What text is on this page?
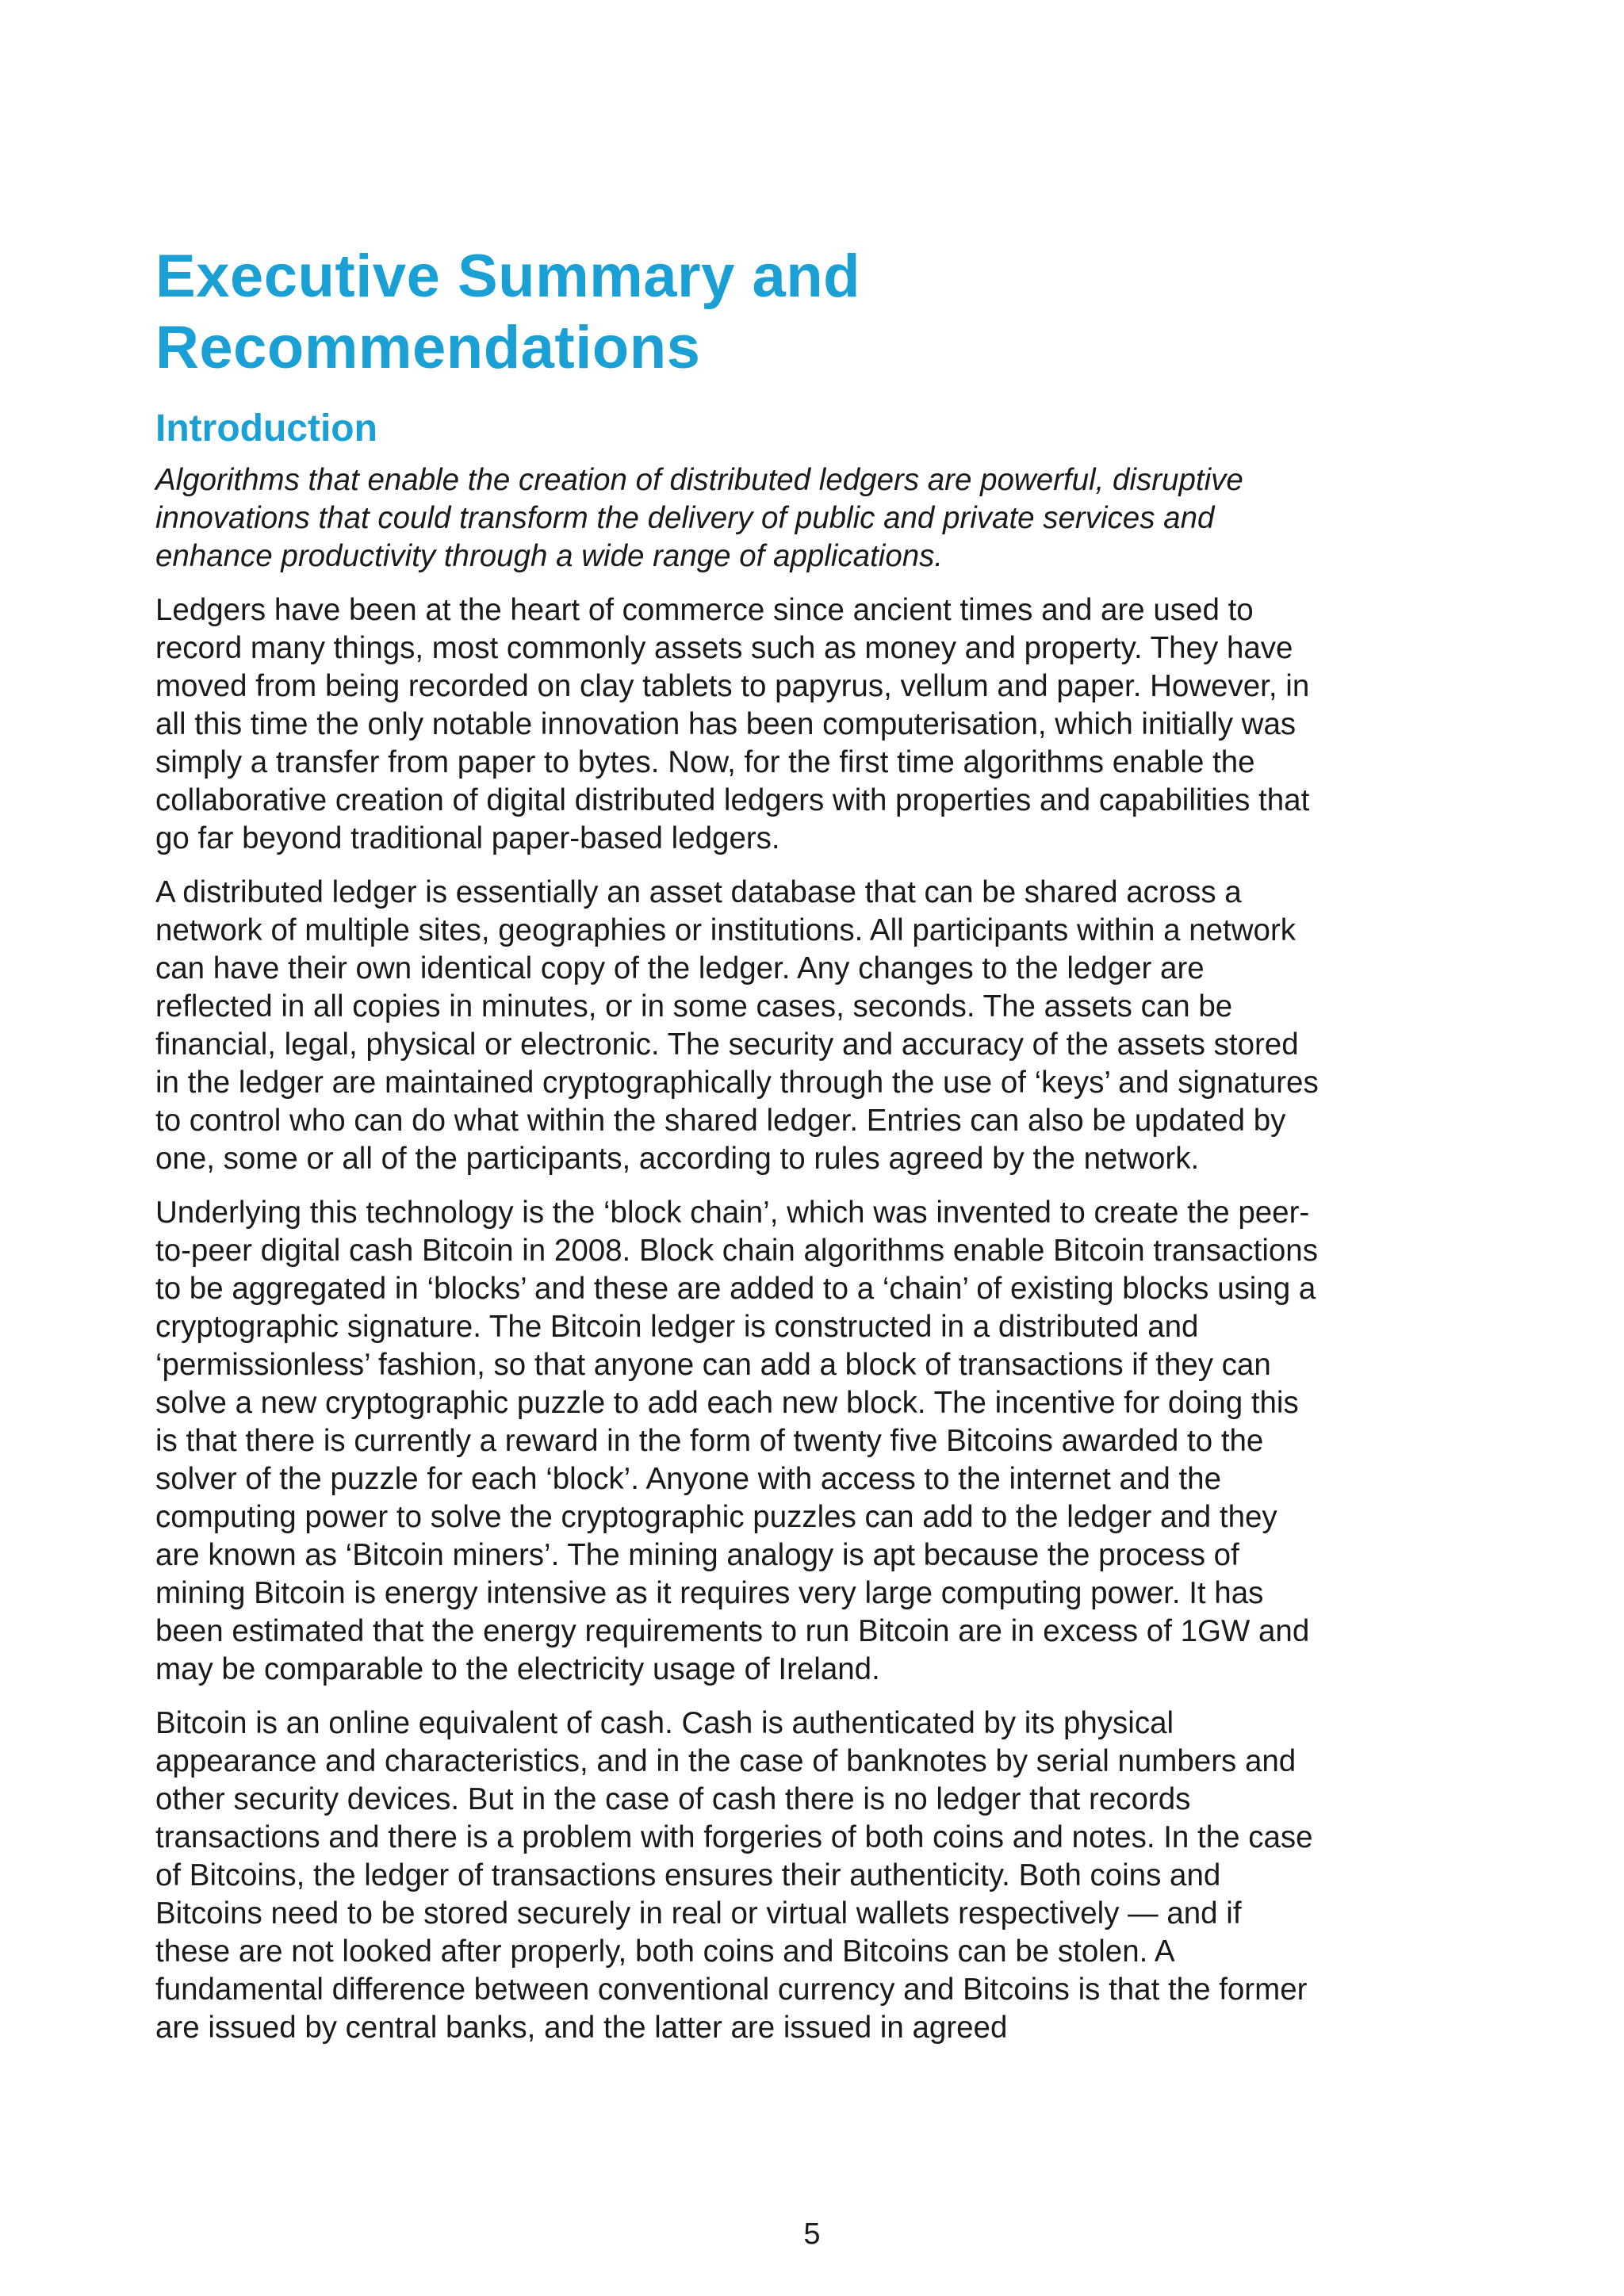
Executive Summary and
Recommendations
Introduction

Algorithms that enable the creation of distributed ledgers are powerful, disruptive innovations that could transform the delivery of public and private services and enhance productivity through a wide range of applications.

Ledgers have been at the heart of commerce since ancient times and are used to record many things, most commonly assets such as money and property. They have moved from being recorded on clay tablets to papyrus, vellum and paper. However, in all this time the only notable innovation has been computerisation, which initially was simply a transfer from paper to bytes. Now, for the first time algorithms enable the collaborative creation of digital distributed ledgers with properties and capabilities that go far beyond traditional paper-based ledgers.

A distributed ledger is essentially an asset database that can be shared across a network of multiple sites, geographies or institutions. All participants within a network can have their own identical copy of the ledger. Any changes to the ledger are reflected in all copies in minutes, or in some cases, seconds. The assets can be financial, legal, physical or electronic. The security and accuracy of the assets stored in the ledger are maintained cryptographically through the use of ‘keys’ and signatures to control who can do what within the shared ledger. Entries can also be updated by one, some or all of the participants, according to rules agreed by the network.

Underlying this technology is the ‘block chain’, which was invented to create the peer-to-peer digital cash Bitcoin in 2008. Block chain algorithms enable Bitcoin transactions to be aggregated in ‘blocks’ and these are added to a ‘chain’ of existing blocks using a cryptographic signature. The Bitcoin ledger is constructed in a distributed and ‘permissionless’ fashion, so that anyone can add a block of transactions if they can solve a new cryptographic puzzle to add each new block. The incentive for doing this is that there is currently a reward in the form of twenty five Bitcoins awarded to the solver of the puzzle for each ‘block’. Anyone with access to the internet and the computing power to solve the cryptographic puzzles can add to the ledger and they are known as ‘Bitcoin miners’. The mining analogy is apt because the process of mining Bitcoin is energy intensive as it requires very large computing power. It has been estimated that the energy requirements to run Bitcoin are in excess of 1GW and may be comparable to the electricity usage of Ireland.

Bitcoin is an online equivalent of cash. Cash is authenticated by its physical appearance and characteristics, and in the case of banknotes by serial numbers and other security devices. But in the case of cash there is no ledger that records transactions and there is a problem with forgeries of both coins and notes. In the case of Bitcoins, the ledger of transactions ensures their authenticity. Both coins and Bitcoins need to be stored securely in real or virtual wallets respectively — and if these are not looked after properly, both coins and Bitcoins can be stolen. A fundamental difference between conventional currency and Bitcoins is that the former are issued by central banks, and the latter are issued in agreed

5
